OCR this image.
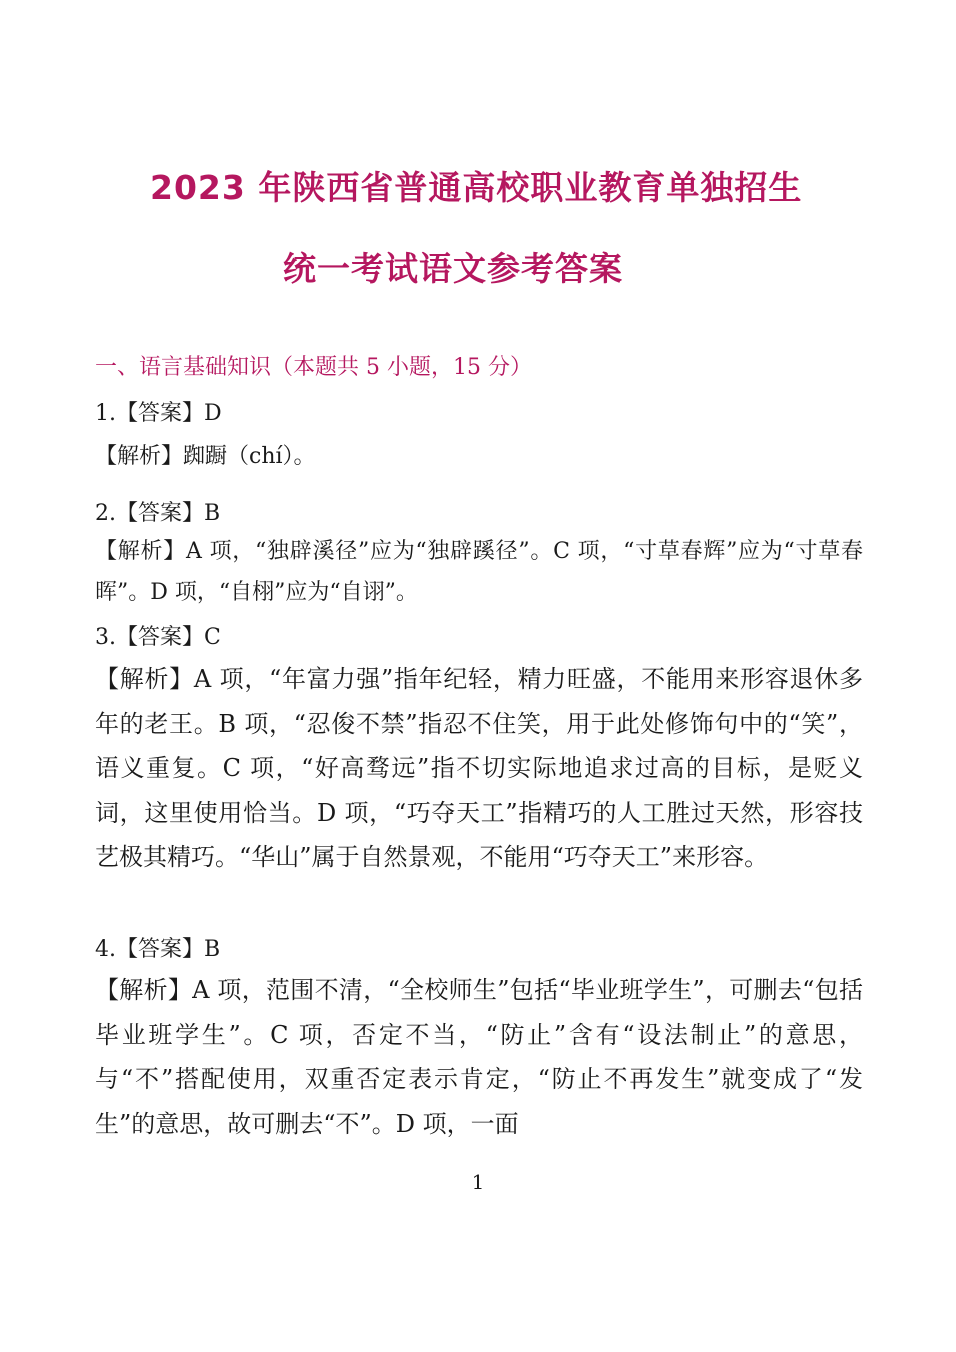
2023 年陕西省普通高校职业教育单独招生
统一考试语文参考答案
一、语言基础知识（本题共 5 小题，15 分）
1.【答案】D
【解析】踟蹰（chí）。
2.【答案】B
【解析】A 项，“独辟溪径”应为“独辟蹊径”。C 项，“寸草春辉”应为“寸草春晖”。D 项，“自栩”应为“自诩”。
3.【答案】C
【解析】A 项，“年富力强”指年纪轻，精力旺盛，不能用来形容退休多年的老王。B 项，“忍俊不禁”指忍不住笑，用于此处修饰句中的“笑”，语义重复。C 项，“好高骛远”指不切实际地追求过高的目标，是贬义词，这里使用恰当。D 项，“巧夺天工”指精巧的人工胜过天然，形容技艺极其精巧。“华山”属于自然景观，不能用“巧夺天工”来形容。
4.【答案】B
【解析】A 项，范围不清，“全校师生”包括“毕业班学生”，可删去“包括毕业班学生”。C 项，否定不当，“防止”含有“设法制止”的意思，与“不”搭配使用，双重否定表示肯定，“防止不再发生”就变成了“发生”的意思，故可删去“不”。D 项，一面
1
